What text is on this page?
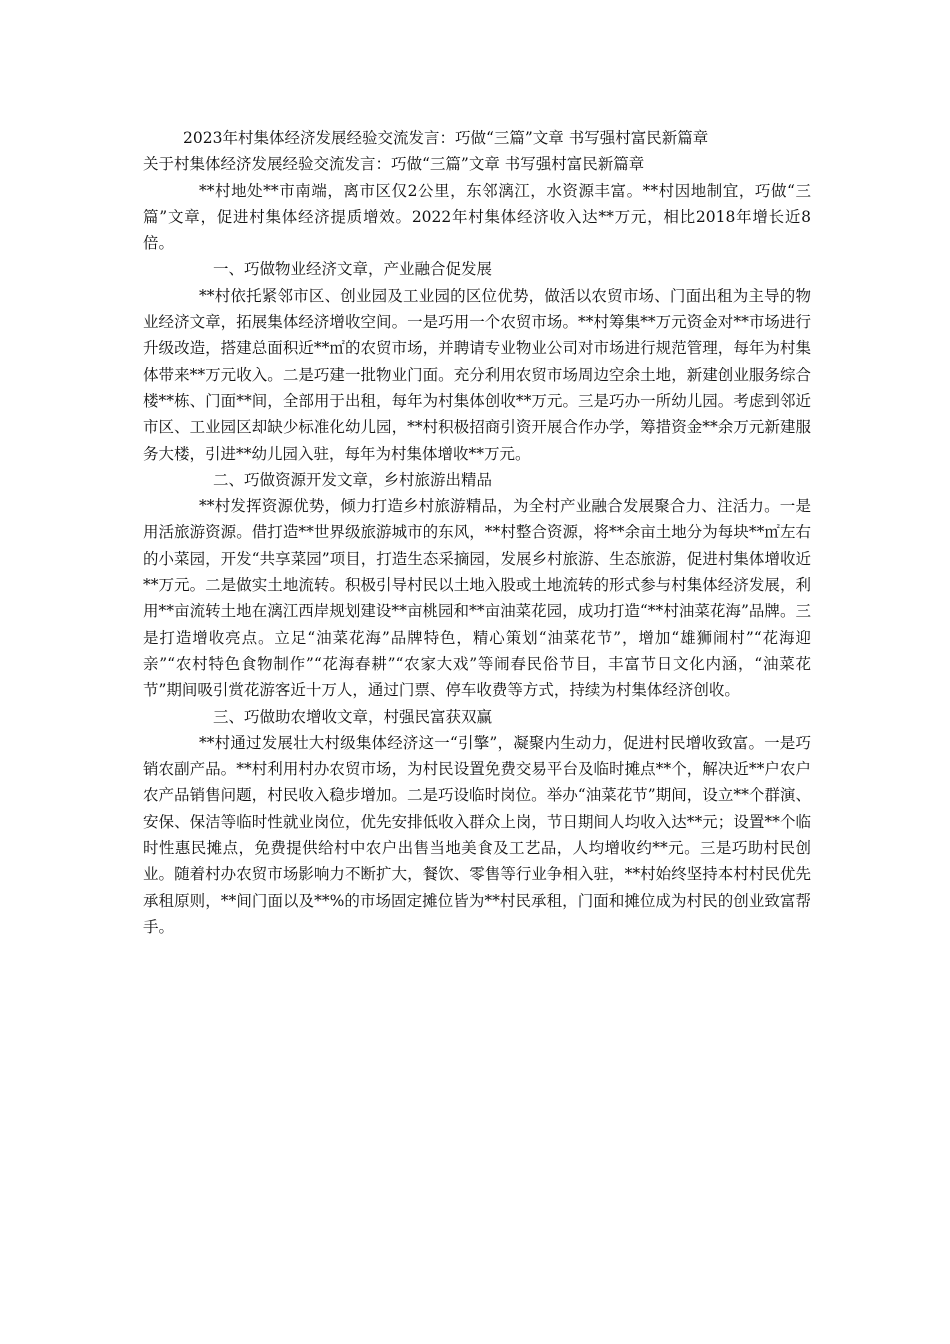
2023年村集体经济发展经验交流发言：巧做“三篇”文章 书写强村富民新篇章

关于村集体经济发展经验交流发言：巧做“三篇”文章 书写强村富民新篇章

**村地处**市南端，离市区仅2公里，东邻漓江，水资源丰富。**村因地制宜，巧做“三篇”文章，促进村集体经济提质增效。2022年村集体经济收入达**万元，相比2018年增长近8倍。

一、巧做物业经济文章，产业融合促发展

**村依托紧邻市区、创业园及工业园的区位优势，做活以农贸市场、门面出租为主导的物业经济文章，拓展集体经济增收空间。一是巧用一个农贸市场。**村筹集**万元资金对**市场进行升级改造，搭建总面积近**㎡的农贸市场，并聘请专业物业公司对市场进行规范管理，每年为村集体带来**万元收入。二是巧建一批物业门面。充分利用农贸市场周边空余土地，新建创业服务综合楼**栋、门面**间，全部用于出租，每年为村集体创收**万元。三是巧办一所幼儿园。考虑到邻近市区、工业园区却缺少标准化幼儿园，**村积极招商引资开展合作办学，筹措资金**余万元新建服务大楼，引进**幼儿园入驻，每年为村集体增收**万元。

二、巧做资源开发文章，乡村旅游出精品

**村发挥资源优势，倾力打造乡村旅游精品，为全村产业融合发展聚合力、注活力。一是用活旅游资源。借打造**世界级旅游城市的东风，**村整合资源，将**余亩土地分为每块**㎡左右的小菜园，开发“共享菜园”项目，打造生态采摘园，发展乡村旅游、生态旅游，促进村集体增收近**万元。二是做实土地流转。积极引导村民以土地入股或土地流转的形式参与村集体经济发展，利用**亩流转土地在漓江西岸规划建设**亩桃园和**亩油菜花园，成功打造“**村油菜花海”品牌。三是打造增收亮点。立足“油菜花海”品牌特色，精心策划“油菜花节”，增加“雄狮闹村”“花海迎亲”“农村特色食物制作”“花海春耕”“农家大戏”等闹春民俗节目，丰富节日文化内涵，“油菜花节”期间吸引赏花游客近十万人，通过门票、停车收费等方式，持续为村集体经济创收。

三、巧做助农增收文章，村强民富获双赢

**村通过发展壮大村级集体经济这一“引擎”，凝聚内生动力，促进村民增收致富。一是巧销农副产品。**村利用村办农贸市场，为村民设置免费交易平台及临时摊点**个，解决近**户农户农产品销售问题，村民收入稳步增加。二是巧设临时岗位。举办“油菜花节”期间，设立**个群演、安保、保洁等临时性就业岗位，优先安排低收入群众上岗，节日期间人均收入达**元；设置**个临时性惠民摊点，免费提供给村中农户出售当地美食及工艺品，人均增收约**元。三是巧助村民创业。随着村办农贸市场影响力不断扩大，餐饮、零售等行业争相入驻，**村始终坚持本村村民优先承租原则，**间门面以及**%的市场固定摊位皆为**村民承租，门面和摊位成为村民的创业致富帮手。
